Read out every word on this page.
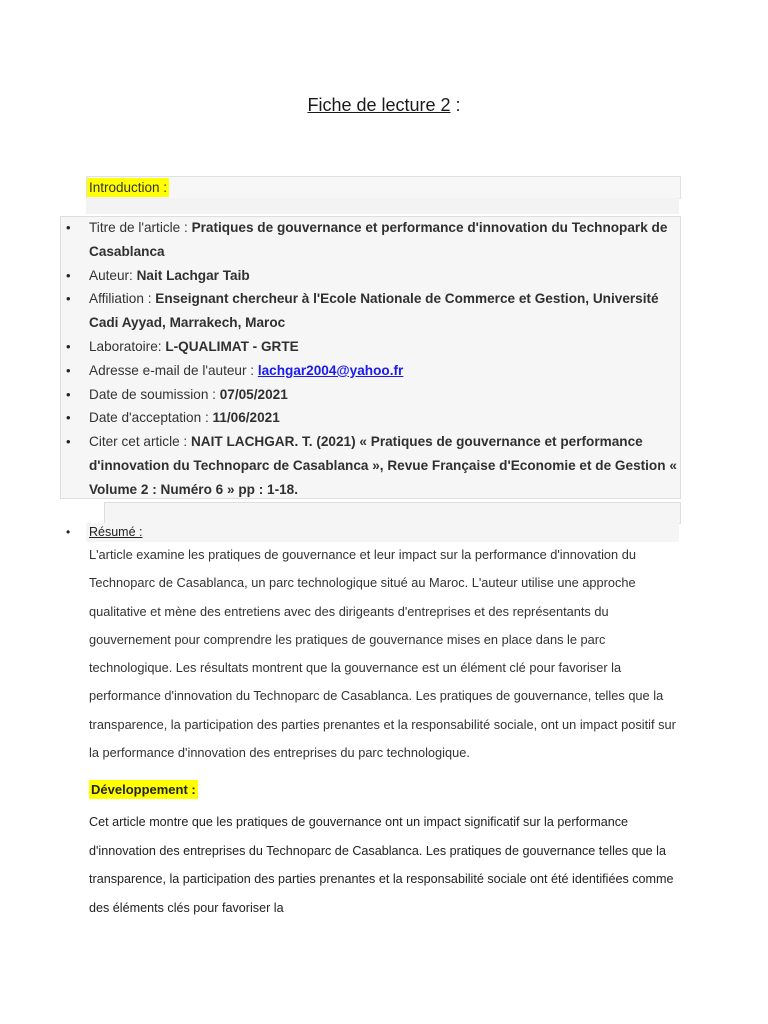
Fiche de lecture 2 :
Introduction :
• Titre de l'article : Pratiques de gouvernance et performance d'innovation du Technopark de Casablanca
• Auteur: Nait Lachgar Taib
• Affiliation : Enseignant chercheur à l'Ecole Nationale de Commerce et Gestion, Université Cadi Ayyad, Marrakech, Maroc
• Laboratoire: L-QUALIMAT - GRTE
• Adresse e-mail de l'auteur : lachgar2004@yahoo.fr
• Date de soumission : 07/05/2021
• Date d'acceptation : 11/06/2021
• Citer cet article : NAIT LACHGAR. T. (2021) « Pratiques de gouvernance et performance d'innovation du Technoparc de Casablanca », Revue Française d'Economie et de Gestion « Volume 2 : Numéro 6 » pp : 1-18.
• Résumé :

L'article examine les pratiques de gouvernance et leur impact sur la performance d'innovation du Technoparc de Casablanca, un parc technologique situé au Maroc. L'auteur utilise une approche qualitative et mène des entretiens avec des dirigeants d'entreprises et des représentants du gouvernement pour comprendre les pratiques de gouvernance mises en place dans le parc technologique. Les résultats montrent que la gouvernance est un élément clé pour favoriser la performance d'innovation du Technoparc de Casablanca. Les pratiques de gouvernance, telles que la transparence, la participation des parties prenantes et la responsabilité sociale, ont un impact positif sur la performance d'innovation des entreprises du parc technologique.

Développement :

Cet article montre que les pratiques de gouvernance ont un impact significatif sur la performance d'innovation des entreprises du Technoparc de Casablanca. Les pratiques de gouvernance telles que la transparence, la participation des parties prenantes et la responsabilité sociale ont été identifiées comme des éléments clés pour favoriser la
